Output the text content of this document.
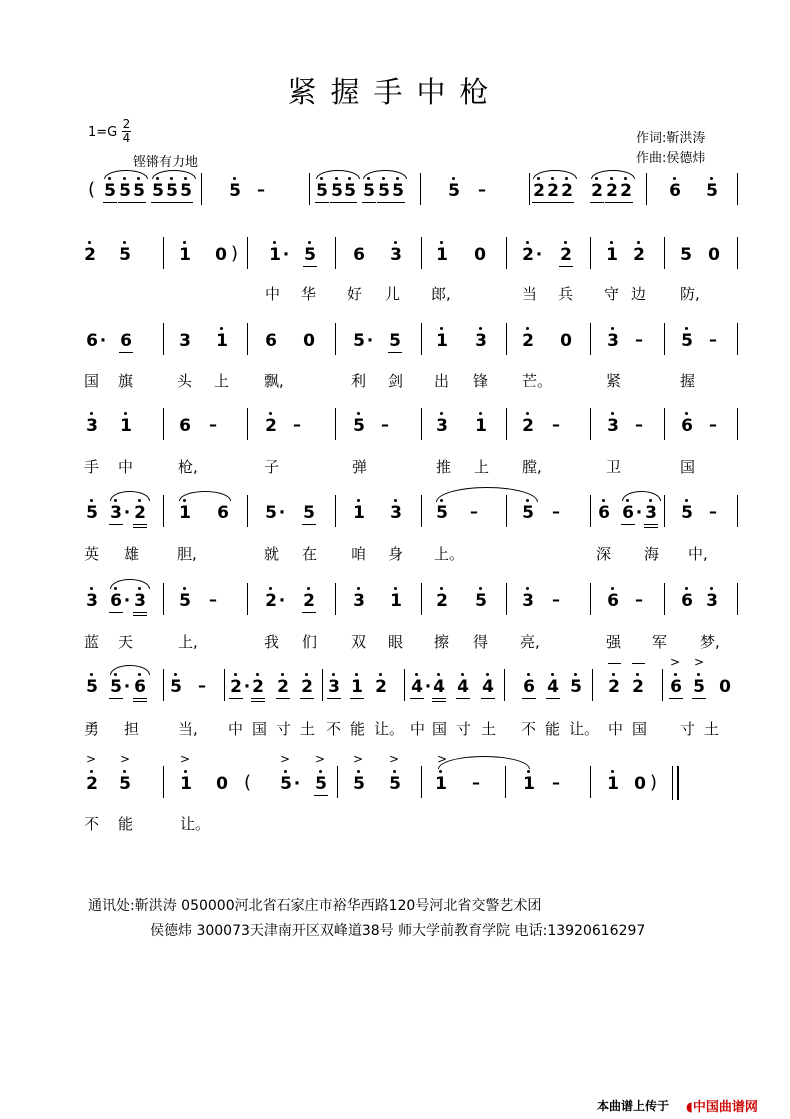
紧握手中枪
1=G
2
4
铿锵有力地
作词:靳洪涛
作曲:侯德炜
( 5 5 5 5 5 5 5 –	5 5 5 5 5 5	5 –	2 2 2 2 2 2 6 5
2 5	1 0 ) 1 · 5 6 3 1 0 2 · 2 1 2 5 0
中 华 好 儿 郎,	当 兵 守 边 防,
6 · 6	3 1 6 0 5 · 5 1 3 2 0 3 – 5 –
国 旗	头 上 飘,	利 剑 出 锋 芒。	紧	握
3 1	6 –	2 –	5 –	3 1 2 –	3 – 6 –
手 中	枪,	子	弹	推 上 膛,	卫	国
5 3 · 2 1 6 5 · 5 1 3 5 –	5 – 6 6 · 3 5 –
英 雄	胆,	就 在 咱 身 上。	深 海 中,
3 6 · 3 5 –	2 · 2 3 1 2 5 3 –	6 – 6 3
蓝 天	上,	我 们 双 眼 擦 得 亮,	强 军 梦,
5 5 · 6 5 – 2 · 2 2 2 3 1 2 4 · 4 4 4 6 4 5 2 2 6 5 0
> >
勇 担	当, 中 国 寸 土 不 能 让。 中 国 寸 土 不 能 让。 中 国 寸 土
2 5
> >
1 0
>
( 5 · 5
> >
5 5
> >
1 –
>
1 –	1 0 )
不 能	让。
通讯处:靳洪涛 050000河北省石家庄市裕华西路120号河北省交警艺术团
侯德炜 300073天津南开区双峰道38号 师大学前教育学院 电话:13920616297
本曲谱上传于 ◖中国曲谱网
